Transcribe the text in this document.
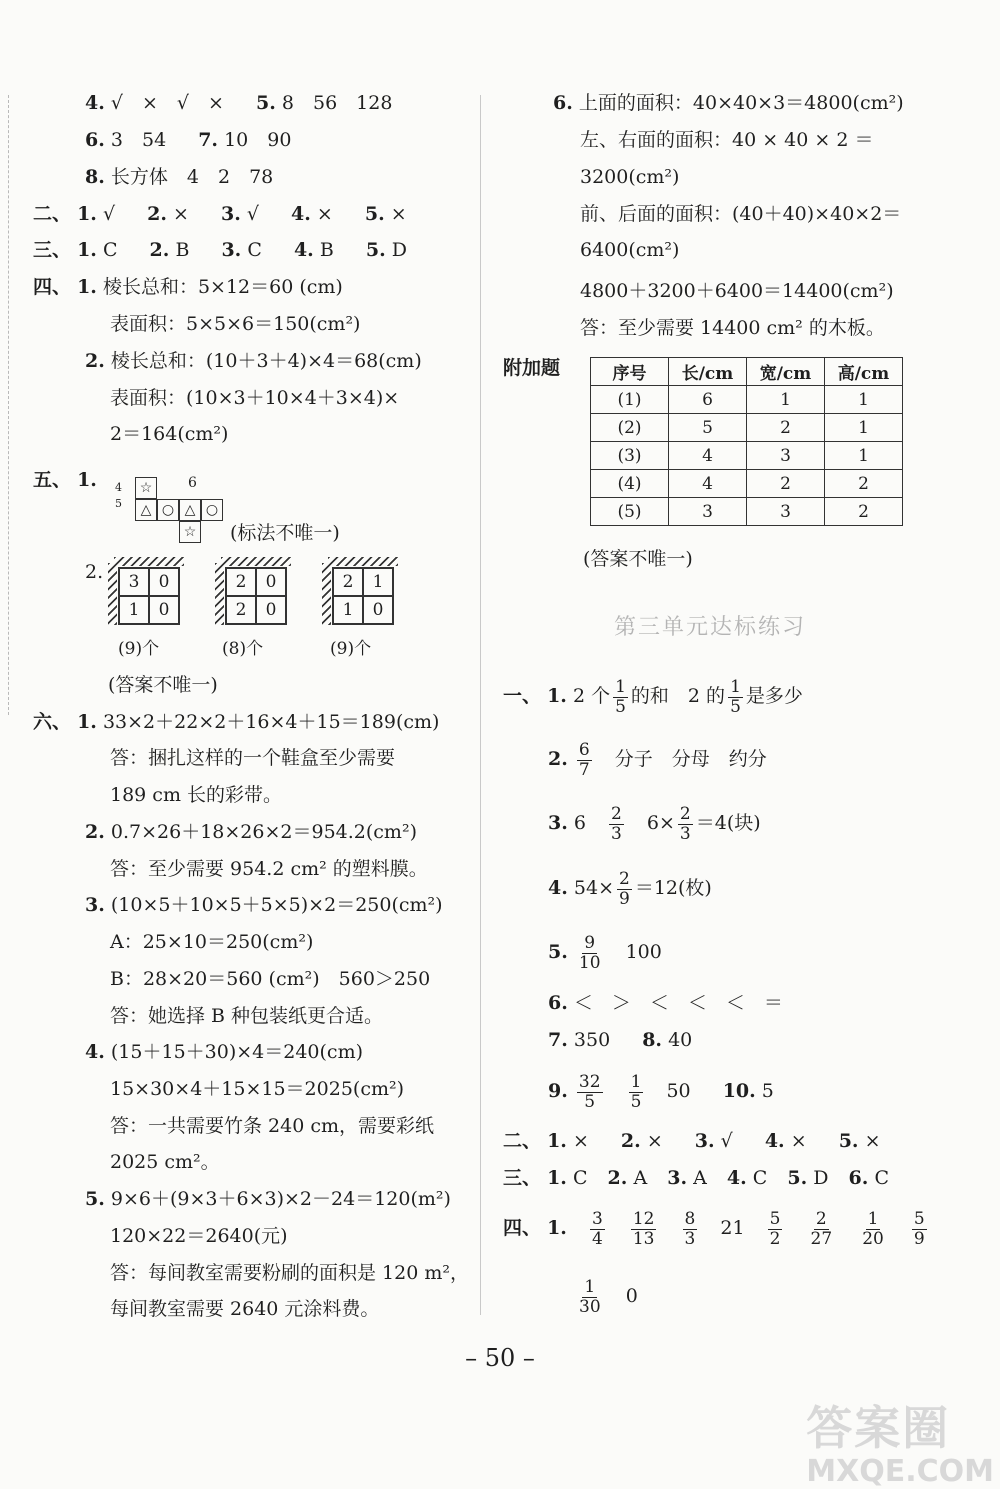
4. √　×　√　× 5. 8　56　128
6. 3　54 7. 10　90
8. 长方体　4　2　78
二、 1. √ 2. × 3. √ 4. × 5. ×
三、 1. C 2. B 3. C 4. B 5. D
四、 1. 棱长总和：5×12＝60 (cm)
表面积：5×5×6＝150(cm²)
2. 棱长总和：(10＋3＋4)×4＝68(cm)
表面积：(10×3＋10×4＋3×4)×
2＝164(cm²)
五、 1.	6
4
5
☆
△ ○ △ ○
☆ (标法不唯一)
2.	3	0
1	0
(9)个
2	0
2	0
(8)个
2	1
1	0
(9)个
(答案不唯一)
六、 1. 33×2＋22×2＋16×4＋15＝189(cm)
答：捆扎这样的一个鞋盒至少需要
189 cm 长的彩带。
2. 0.7×26＋18×26×2＝954.2(cm²)
答：至少需要 954.2 cm² 的塑料膜。
3. (10×5＋10×5＋5×5)×2＝250(cm²)
A：25×10＝250(cm²)
B：28×20＝560 (cm²)　560＞250
答：她选择 B 种包装纸更合适。
4. (15＋15＋30)×4＝240(cm)
15×30×4＋15×15＝2025(cm²)
答：一共需要竹条 240 cm，需要彩纸
2025 cm²。
5. 9×6＋(9×3＋6×3)×2－24＝120(m²)
120×22＝2640(元)
答：每间教室需要粉刷的面积是 120 m²，
每间教室需要 2640 元涂料费。
6. 上面的面积：40×40×3＝4800(cm²)
左、右面的面积：40 × 40 × 2 ＝
3200(cm²)
前、后面的面积：(40＋40)×40×2＝
6400(cm²)
4800＋3200＋6400＝14400(cm²)
答：至少需要 14400 cm² 的木板。
附加题	序号	长/cm	宽/cm	高/cm
(1)	6	1	1
(2)	5	2	1
(3)	4	3	1
(4)	4	2	2
(5)	3	3	2
(答案不唯一)
第三单元达标练习
一、 1. 2 个 $\frac{1}{5}$ 的和　2 的 $\frac{1}{5}$ 是多少
2. $\frac{6}{7}$ 分子　分母　约分
3. $6 \frac{2}{3} 6\times \frac{2}{3} =4$(块)
4. $54\times \frac{2}{9} =12$(枚)
5. $\frac{9}{10} 100$
6. ＜　＞　＜　＜　＜　＝
7. 350 8. 40
9. $\frac{32}{5}$
$\frac{1}{5} 50$ 10. 5
二、 1. × 2. × 3. √ 4. × 5. ×
三、 1. C 2. A 3. A 4. C 5. D 6. C
四、 1. $\frac{3}{4}$
$\frac{12}{13}$
$\frac{8}{3} 21 \frac{5}{2}$
$\frac{2}{27}$
$\frac{1}{20}$
$\frac{5}{9}$
$\frac{1}{30} 0$
– 50 –
答案圈
MXQE.COM
